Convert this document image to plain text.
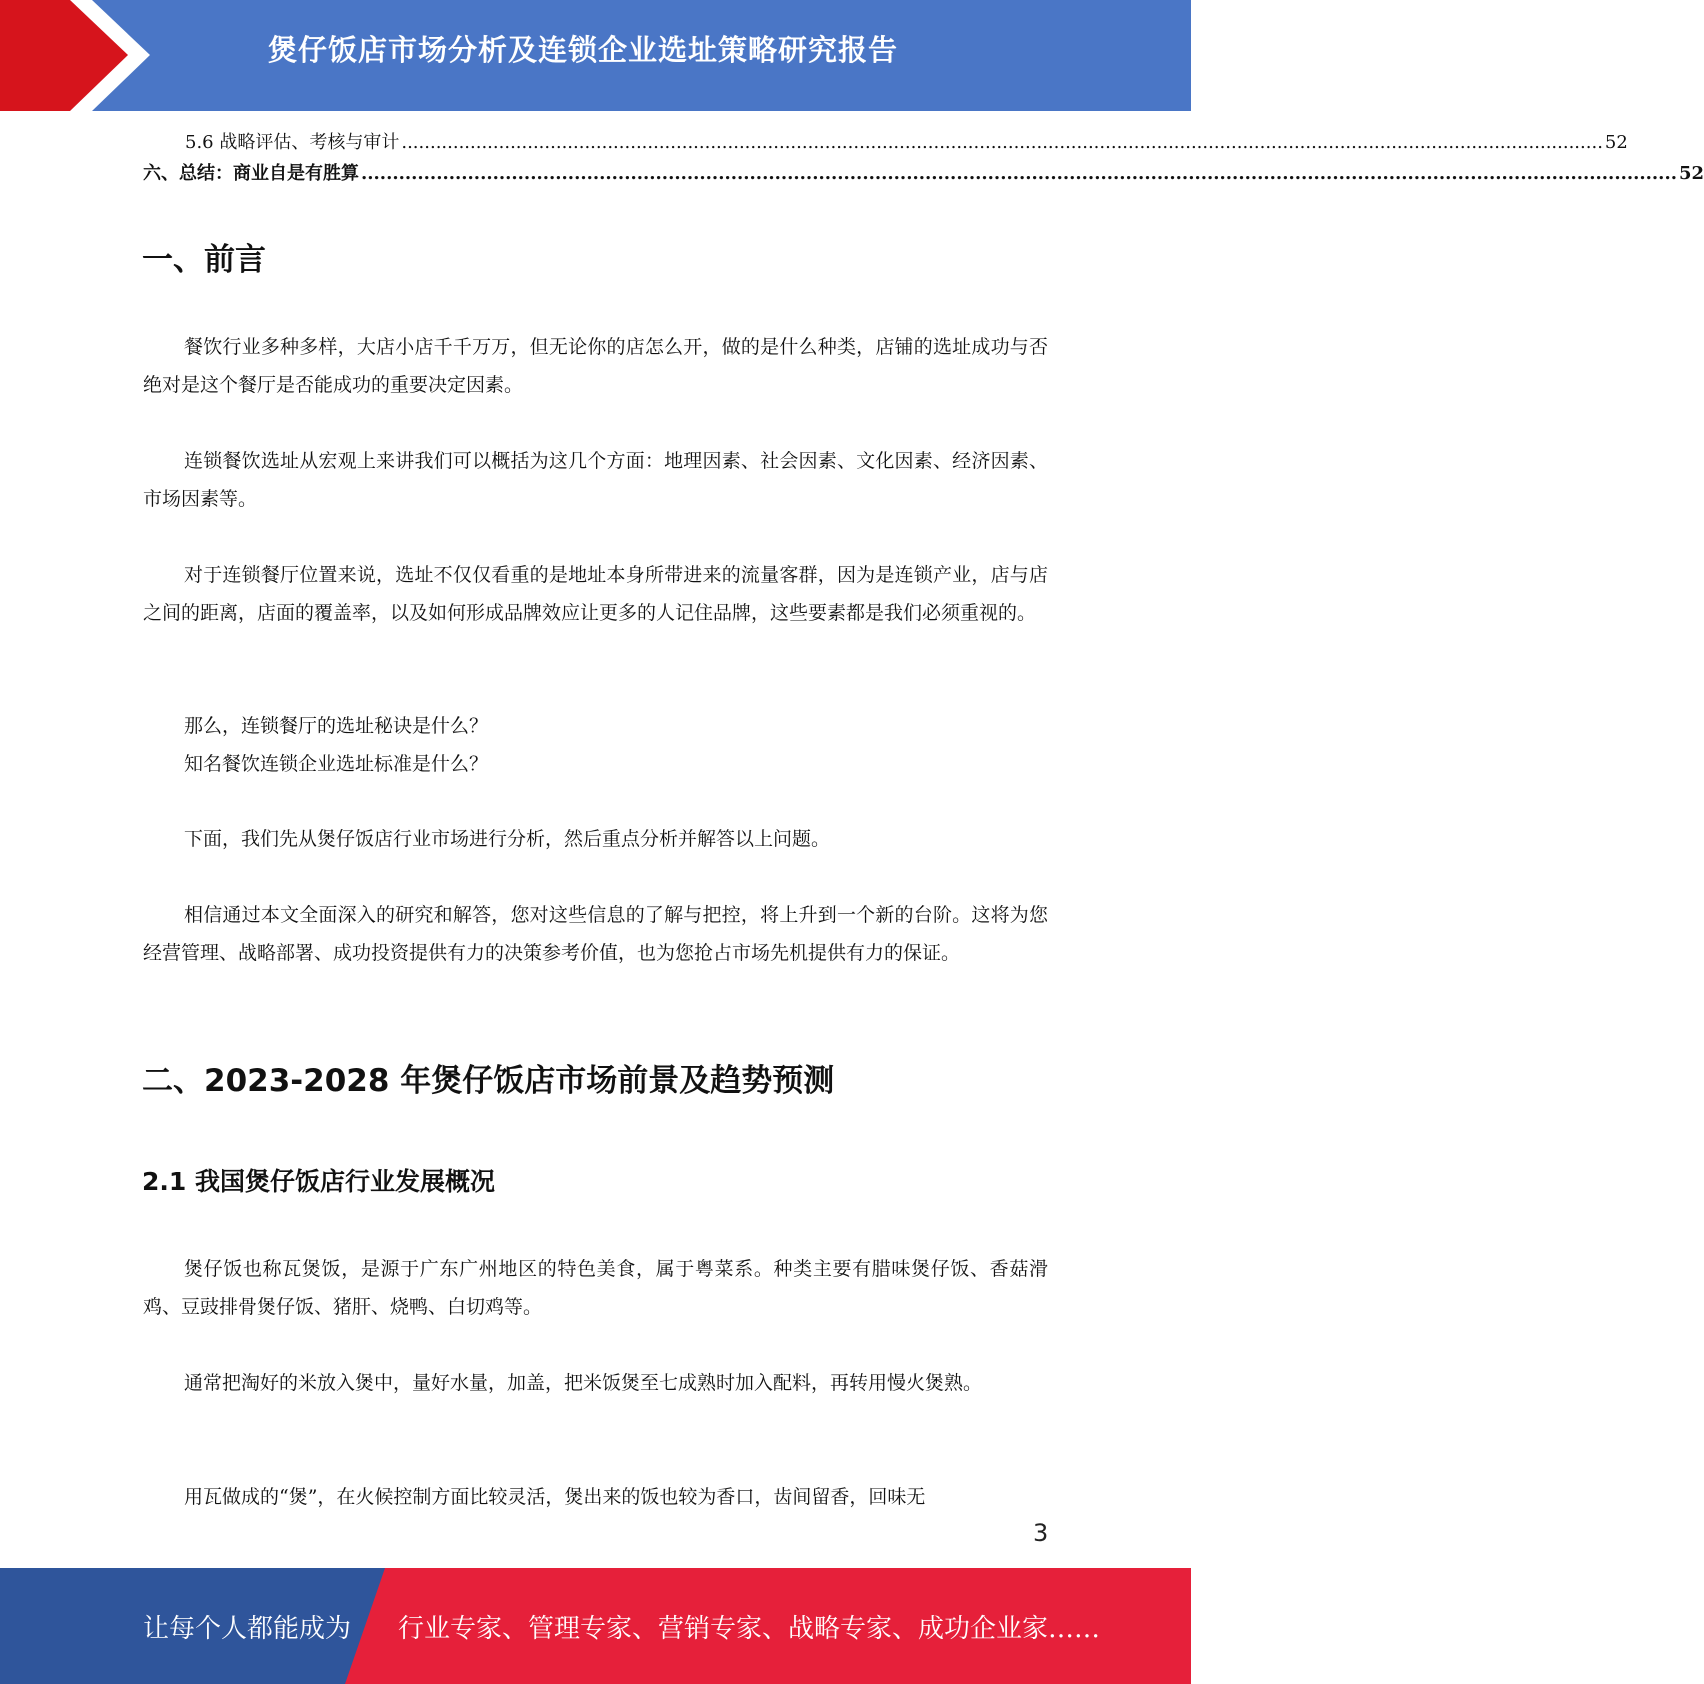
煲仔饭店市场分析及连锁企业选址策略研究报告
5.6 战略评估、考核与审计 .................................................................................................................................................................................................................. 52
六、总结：商业自是有胜算 .................................................................................................................................................................................................................. 52
一、前言

餐饮行业多种多样，大店小店千千万万，但无论你的店怎么开，做的是什么种类，店铺的选址成功与否绝对是这个餐厅是否能成功的重要决定因素。

连锁餐饮选址从宏观上来讲我们可以概括为这几个方面：地理因素、社会因素、文化因素、经济因素、市场因素等。

对于连锁餐厅位置来说，选址不仅仅看重的是地址本身所带进来的流量客群，因为是连锁产业，店与店之间的距离，店面的覆盖率，以及如何形成品牌效应让更多的人记住品牌，这些要素都是我们必须重视的。

那么，连锁餐厅的选址秘诀是什么？

知名餐饮连锁企业选址标准是什么？

下面，我们先从煲仔饭店行业市场进行分析，然后重点分析并解答以上问题。

相信通过本文全面深入的研究和解答，您对这些信息的了解与把控，将上升到一个新的台阶。这将为您经营管理、战略部署、成功投资提供有力的决策参考价值，也为您抢占市场先机提供有力的保证。

二、2023-2028 年煲仔饭店市场前景及趋势预测
2.1 我国煲仔饭店行业发展概况

煲仔饭也称瓦煲饭，是源于广东广州地区的特色美食，属于粤菜系。种类主要有腊味煲仔饭、香菇滑鸡、豆豉排骨煲仔饭、猪肝、烧鸭、白切鸡等。

通常把淘好的米放入煲中，量好水量，加盖，把米饭煲至七成熟时加入配料，再转用慢火煲熟。

用瓦做成的“煲”，在火候控制方面比较灵活，煲出来的饭也较为香口，齿间留香，回味无

3
让每个人都能成为 行业专家、管理专家、营销专家、战略专家、成功企业家……
